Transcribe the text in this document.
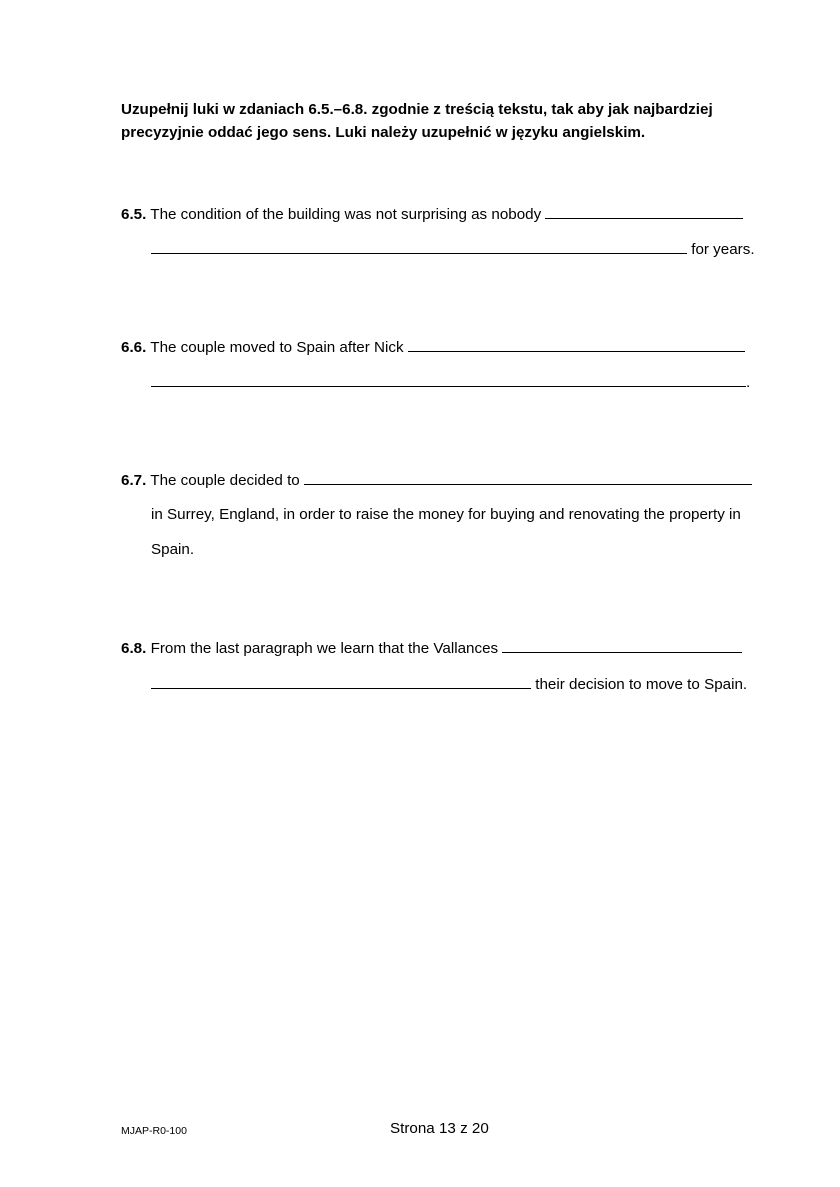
Uzupełnij luki w zdaniach 6.5.–6.8. zgodnie z treścią tekstu, tak aby jak najbardziej precyzyjnie oddać jego sens. Luki należy uzupełnić w języku angielskim.
6.5. The condition of the building was not surprising as nobody
for years.
6.6. The couple moved to Spain after Nick
.
6.7. The couple decided to
in Surrey, England, in order to raise the money for buying and renovating the property in
Spain.
6.8. From the last paragraph we learn that the Vallances
their decision to move to Spain.
MJAP-R0-100	Strona 13 z 20
